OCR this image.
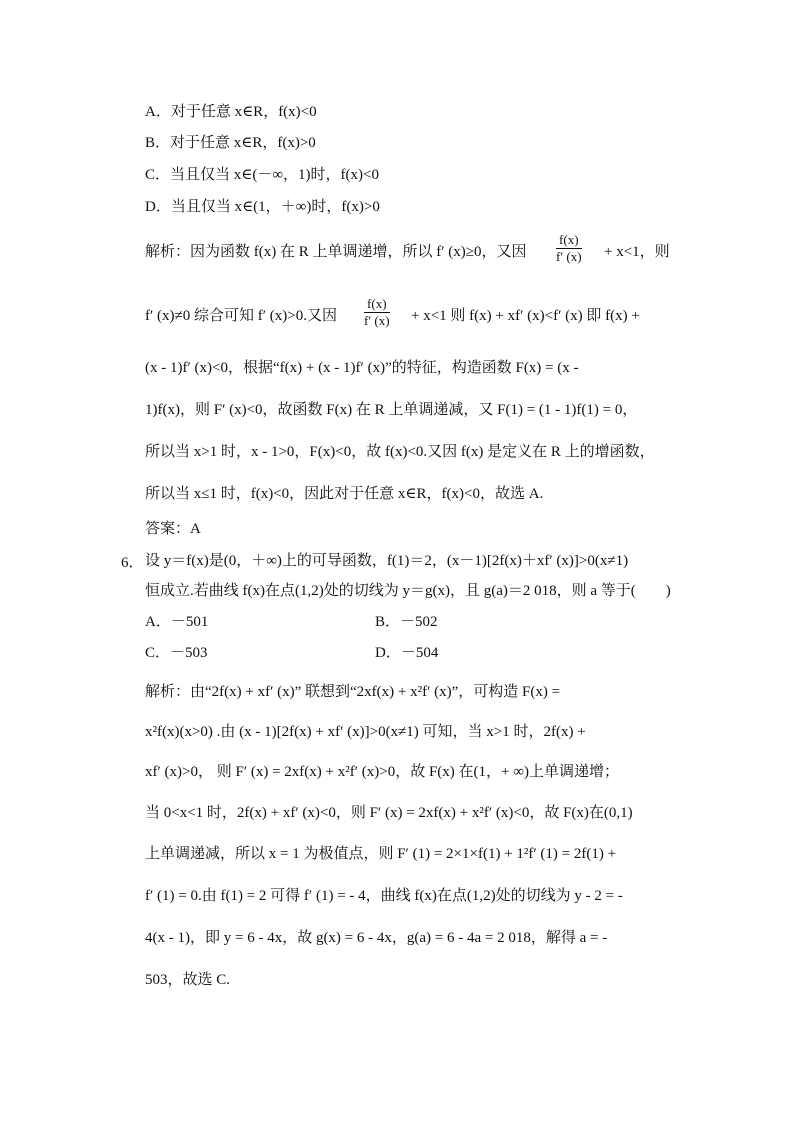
A．对于任意 x∈R，f(x)<0
B．对于任意 x∈R，f(x)>0
C．当且仅当 x∈(－∞，1)时，f(x)<0
D．当且仅当 x∈(1，＋∞)时，f(x)>0
解析：因为函数 f(x) 在 R 上单调递增，所以 f′ (x)≥0，又因 $\frac{f(x)}{f' (x)} + x<1$，则
f′ (x)≠0 综合可知 f′ (x)>0.又因 $\frac{f(x)}{f' (x)} + x<1$ 则 f(x) + xf′ (x)<f′ (x) 即 f(x) +
(x - 1)f′ (x)<0，根据“f(x) + (x - 1)f′ (x)”的特征，构造函数 F(x) = (x -
1)f(x)，则 F′ (x)<0，故函数 F(x) 在 R 上单调递减，又 F(1) = (1 - 1)f(1) = 0，
所以当 x>1 时，x - 1>0，F(x)<0，故 f(x)<0.又因 f(x) 是定义在 R 上的增函数，
所以当 x≤1 时，f(x)<0，因此对于任意 x∈R，f(x)<0，故选 A.
答案：A
6． 设 y＝f(x)是(0，＋∞)上的可导函数，f(1)＝2，(x－1)[2f(x)＋xf′ (x)]>0(x≠1)
恒成立.若曲线 f(x)在点(1,2)处的切线为 y＝g(x)，且 g(a)＝2 018，则 a 等于(　　)
A．－501	B．－502
C．－503	D．－504
解析：由“2f(x) + xf′ (x)” 联想到“2xf(x) + x²f′ (x)”，可构造 F(x) =
x²f(x)(x>0) .由 (x - 1)[2f(x) + xf′ (x)]>0(x≠1) 可知，当 x>1 时，2f(x) +
xf′ (x)>0， 则 F′ (x) = 2xf(x) + x²f′ (x)>0，故 F(x) 在(1，+ ∞)上单调递增；
当 0<x<1 时，2f(x) + xf′ (x)<0，则 F′ (x) = 2xf(x) + x²f′ (x)<0，故 F(x)在(0,1)
上单调递减，所以 x = 1 为极值点，则 F′ (1) = 2×1×f(1) + 1²f′ (1) = 2f(1) +
f′ (1) = 0.由 f(1) = 2 可得 f′ (1) = - 4，曲线 f(x)在点(1,2)处的切线为 y - 2 = -
4(x - 1)，即 y = 6 - 4x，故 g(x) = 6 - 4x，g(a) = 6 - 4a = 2 018，解得 a = -
503，故选 C.
